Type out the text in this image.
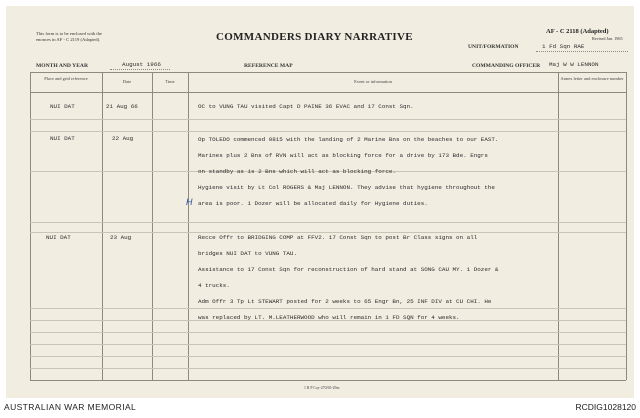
This form is to be enclosed with the
enonces in AF - C 2119 (Adapted).	COMMANDERS DIARY NARRATIVE	AF - C 2118 (Adapted)
Revised Jan. 1965
UNIT/FORMATION	1 Fd Sqn RAE
MONTH AND YEAR	August 1966	REFERENCE MAP	COMMANDING OFFICER Maj W W LENNON
Place and grid reference
Date	Time	Event or information
Annex letter and enclosure number
NUI DAT	21 Aug 66	OC to VUNG TAU visited Capt D PAINE 36 EVAC and 17 Const Sqn.
NUI DAT	22 Aug	Op TOLEDO commenced 0815 with the landing of 2 Marine Bns on the beaches to our EAST.
Marines plus 2 Bns of RVN will act as blocking force for a drive by 173 Bde. Engrs
on standby as is 2 Bns which will act as blocking force.
Hygiene visit by Lt Col ROGERS & Maj LENNON. They advise that hygiene throughout the
H area is poor. 1 Dozer will be allocated daily for Hygiene duties.
NUI DAT	23 Aug	Recce Offr to BRIDGING COMP at FFV2. 17 Const Sqn to post Br Class signs on all
bridges NUI DAT to VUNG TAU.
Assistance to 17 Const Sqn for reconstruction of hard stand at SONG CAU MY. 1 Dozer &
4 trucks.
Adm Offr 3 Tp Lt STEWART posted for 2 weeks to 65 Engr Bn, 25 INF DIV at CU CHI. He
was replaced by LT. M.LEATHERWOOD who will remain in 1 FD SQN for 4 weeks.
1 R P Coy-270/65-29m
AUSTRALIAN WAR MEMORIAL	RCDIG1028120
